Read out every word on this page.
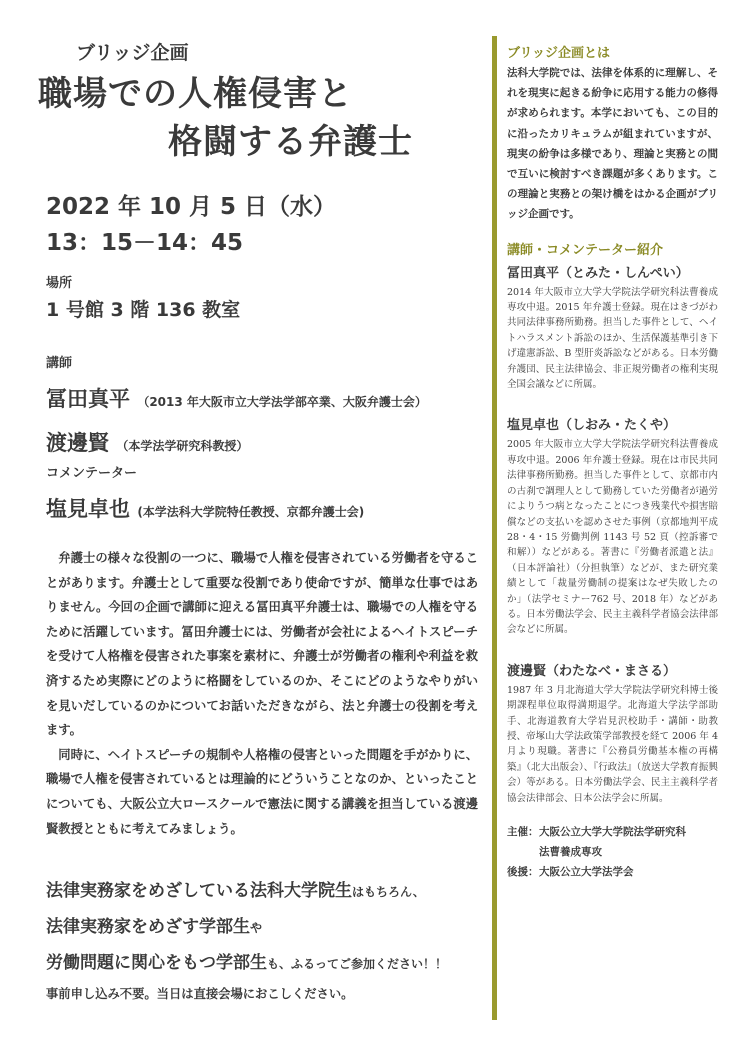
ブリッジ企画
職場での人権侵害と
格闘する弁護士
2022 年 10 月 5 日（水）
13：15－14：45
場所
1 号館 3 階 136 教室
講師
冨田真平 （2013 年大阪市立大学法学部卒業、大阪弁護士会）
渡邊賢 （本学法学研究科教授）
コメンテーター
塩見卓也 (本学法科大学院特任教授、京都弁護士会)

弁護士の様々な役割の一つに、職場で人権を侵害されている労働者を守ることがあります。弁護士として重要な役割であり使命ですが、簡単な仕事ではありません。今回の企画で講師に迎える冨田真平弁護士は、職場での人権を守るために活躍しています。冨田弁護士には、労働者が会社によるヘイトスピーチを受けて人格権を侵害された事案を素材に、弁護士が労働者の権利や利益を救済するため実際にどのように格闘をしているのか、そこにどのようなやりがいを見いだしているのかについてお話いただきながら、法と弁護士の役割を考えます。

同時に、ヘイトスピーチの規制や人格権の侵害といった問題を手がかりに、職場で人権を侵害されているとは理論的にどういうことなのか、といったことについても、大阪公立大ロースクールで憲法に関する講義を担当している渡邊賢教授とともに考えてみましょう。

法律実務家をめざしている法科大学院生はもちろん、
法律実務家をめざす学部生や
労働問題に関心をもつ学部生も、ふるってご参加ください！！
事前申し込み不要。当日は直接会場におこしください。
ブリッジ企画とは
法科大学院では、法律を体系的に理解し、それを現実に起きる紛争に応用する能力の修得が求められます。本学においても、この目的に沿ったカリキュラムが組まれていますが、現実の紛争は多様であり、理論と実務との間で互いに検討すべき課題が多くあります。この理論と実務との架け橋をはかる企画がブリッジ企画です。
講師・コメンテーター紹介
冨田真平（とみた・しんぺい）
2014 年大阪市立大学大学院法学研究科法曹養成専攻中退。2015 年弁護士登録。現在はきづがわ共同法律事務所勤務。担当した事件として、ヘイトハラスメント訴訟のほか、生活保護基準引き下げ違憲訴訟、B 型肝炎訴訟などがある。日本労働弁護団、民主法律協会、非正規労働者の権利実現全国会議などに所属。
塩見卓也（しおみ・たくや）
2005 年大阪市立大学大学院法学研究科法曹養成専攻中退。2006 年弁護士登録。現在は市民共同法律事務所勤務。担当した事件として、京都市内の古刹で調理人として勤務していた労働者が過労によりうつ病となったことにつき残業代や損害賠償などの支払いを認めさせた事例（京都地判平成 28・4・15 労働判例 1143 号 52 頁（控訴審で和解））などがある。著書に『労働者派遣と法』（日本評論社）（分担執筆）などが、また研究業績として「裁量労働制の提案はなぜ失敗したのか」（法学セミナー762 号、2018 年）などがある。日本労働法学会、民主主義科学者協会法律部会などに所属。
渡邊賢（わたなべ・まさる）
1987 年 3 月北海道大学大学院法学研究科博士後期課程単位取得満期退学。北海道大学法学部助手、北海道教育大学岩見沢校助手・講師・助教授、帝塚山大学法政策学部教授を経て 2006 年 4 月より現職。著書に『公務員労働基本権の再構築』（北大出版会）、『行政法』（放送大学教育振興会）等がある。日本労働法学会、民主主義科学者協会法律部会、日本公法学会に所属。
主催： 大阪公立大学大学院法学研究科
法曹養成専攻
後援： 大阪公立大学法学会
